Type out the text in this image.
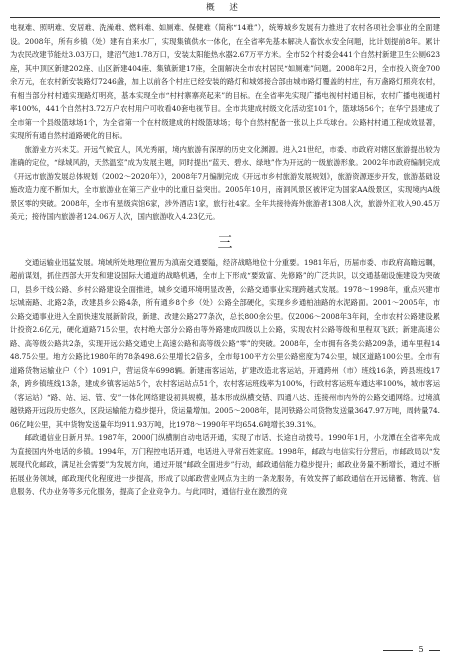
概 述

电视难、照明难、安居难、洗澡难、燃料难、如厕难、保健难（简称“14难”），统筹城乡发展有力推进了农村各项社会事业的全面建设。2008年，所有乡镇（处）建有自来水厂，实现集镇供水一体化，在全省率先基本解决人畜饮水安全问题，比计划提前8年。累计为农民改建节能灶3.03万口，建沼气池1.78万口，安装太阳能热水器2.67万平方米。全市52个村委会441个自然村新建卫生公厕623座，其中顶区新建202座、山区新建404座、集镇新建17座，全面解决全市农村居民“如厕难”问题。2008年2月，全市投入资金700余万元，在农村新安装路灯7246盏，加上以前各个村庄已经安装的路灯和城郊接合部由城市路灯覆盖的村庄，有万盏路灯照亮农村，有相当部分村村通实现路灯明亮，基本实现全市“村村寨寨亮起来”的目标。在全省率先实现广播电视村村通目标，农村广播电视通村率100%，441个自然村3.72万户农村用户可收看40套电视节目。全市共建成村级文化活动室101个，篮球场56个；在华宁县建成了全市第一个县级篮球场1个，为全省第一个在村级建成的村级篮球场；每个自然村配备一张以上乒乓球台。公路村村通工程成效显著，实现所有通自然村道路硬化的目标。

旅游业方兴未艾。开远气候宜人，风光秀丽，境内旅游有深厚的历史文化渊源。进入21世纪，市委、市政府对辖区旅游提出较为准确的定位，“绿城风韵，天然温室”成为发展主题，同时提出“蓝天、碧水、绿地”作为开远的一级旅游形象。2002年市政府编制完成《开远市旅游发展总体规划（2002～2020年）》，2008年7月编制完成《开远市乡村旅游发展规划》，旅游资源逐步开发，旅游基础设施改造力度不断加大，全市旅游业在第三产业中的比重日益突出。2005年10月，南洞风景区被评定为国家AA级景区，实现境内A级景区零的突破。2008年，全市有星级宾馆6家，涉外酒店1家，旅行社4家。全年共接待海外旅游者1308人次，旅游外汇收入90.45万美元；接待国内旅游者124.06万人次，国内旅游收入4.23亿元。

三

交通运输业迅猛发展。境域所处地理位置历为滇南交通要隘，经济战略地位十分重要。1981年后，历届市委、市政府高瞻远瞩，超前谋划，抓住西部大开发和建设国际大通道的战略机遇，全市上下形成“要致富、先修路”的广泛共识，以交通基础设施建设为突破口，县乡干线公路、乡村公路建设全面推进，城乡交通环境明显改善，公路交通事业实现跨越式发展。1978～1998年，重点兴建市坛城南路、北路2条，改建县乡公路4条，所有通乡8个乡（处）公路全部硬化，实现乡乡通柏油路的水泥路面。2001～2005年，市公路交通事业进入全面快速发展新阶段，新建、改建公路277条次，总长800余公里。仅2006～2008年3年间，全市农村公路建设累计投资2.6亿元，硬化道路715公里，农村绝大部分公路由等外路建成四级以上公路，实现农村公路等级和里程双飞跃；新建高速公路、高等级公路共2条，实现开远公路交通史上高速公路和高等级公路“零”的突破。2008年，全市拥有各类公路209条，通车里程1448.75公里。地方公路比1980年的78条498.6公里增长2倍多，全市每100平方公里公路密度为74公里，城区道路100公里。全市有道路货物运输业户（个）1091户，营运货车6998辆。新建南客运站，扩建改造北客运站，开通跨州（市）班线16条，跨县班线17条，跨乡镇班线13条，建成乡镇客运站5个，农村客运站点51个，农村客运班线率为100%，行政村客运班车通达率100%，城市客运（客运站）“路、站、运、管、安”一体化网络建设初具规模，基本形成纵横交错、四通八达、连接州市内外的公路交通网络。过境滇越铁路开远段历史悠久，区段运输能力稳步提升，货运量增加。2005～2008年，昆河铁路公司货物发送量3647.97万吨，周转量74.06亿吨公里，其中货物发送量年均911.93万吨，比1978～1990年平均654.6吨增长39.31%。

邮政通信业日新月异。1987年，2000门纵横制自动电话开通，实现了市话、长途自动拨号。1990年1月，小龙潭在全省率先成为直接国内外电话的乡镇。1994年，万门程控电话开通，电话进入寻常百姓家庭。1998年，邮政与电信实行分营后，市邮政局以“发展现代化邮政，满足社会需要”为发展方向，通过开展“邮政全面进步”行动，邮政通信能力稳步提升；邮政业务量不断增长，通过不断拓展业务领域，邮政现代化程度进一步提高，形成了以邮政营业网点为主的一条龙服务，有效发挥了邮政通信在开远储蓄、物流、信息服务、代办业务等多元化服务，提高了企业竞争力。与此同时，通信行业在激烈的竞

5
